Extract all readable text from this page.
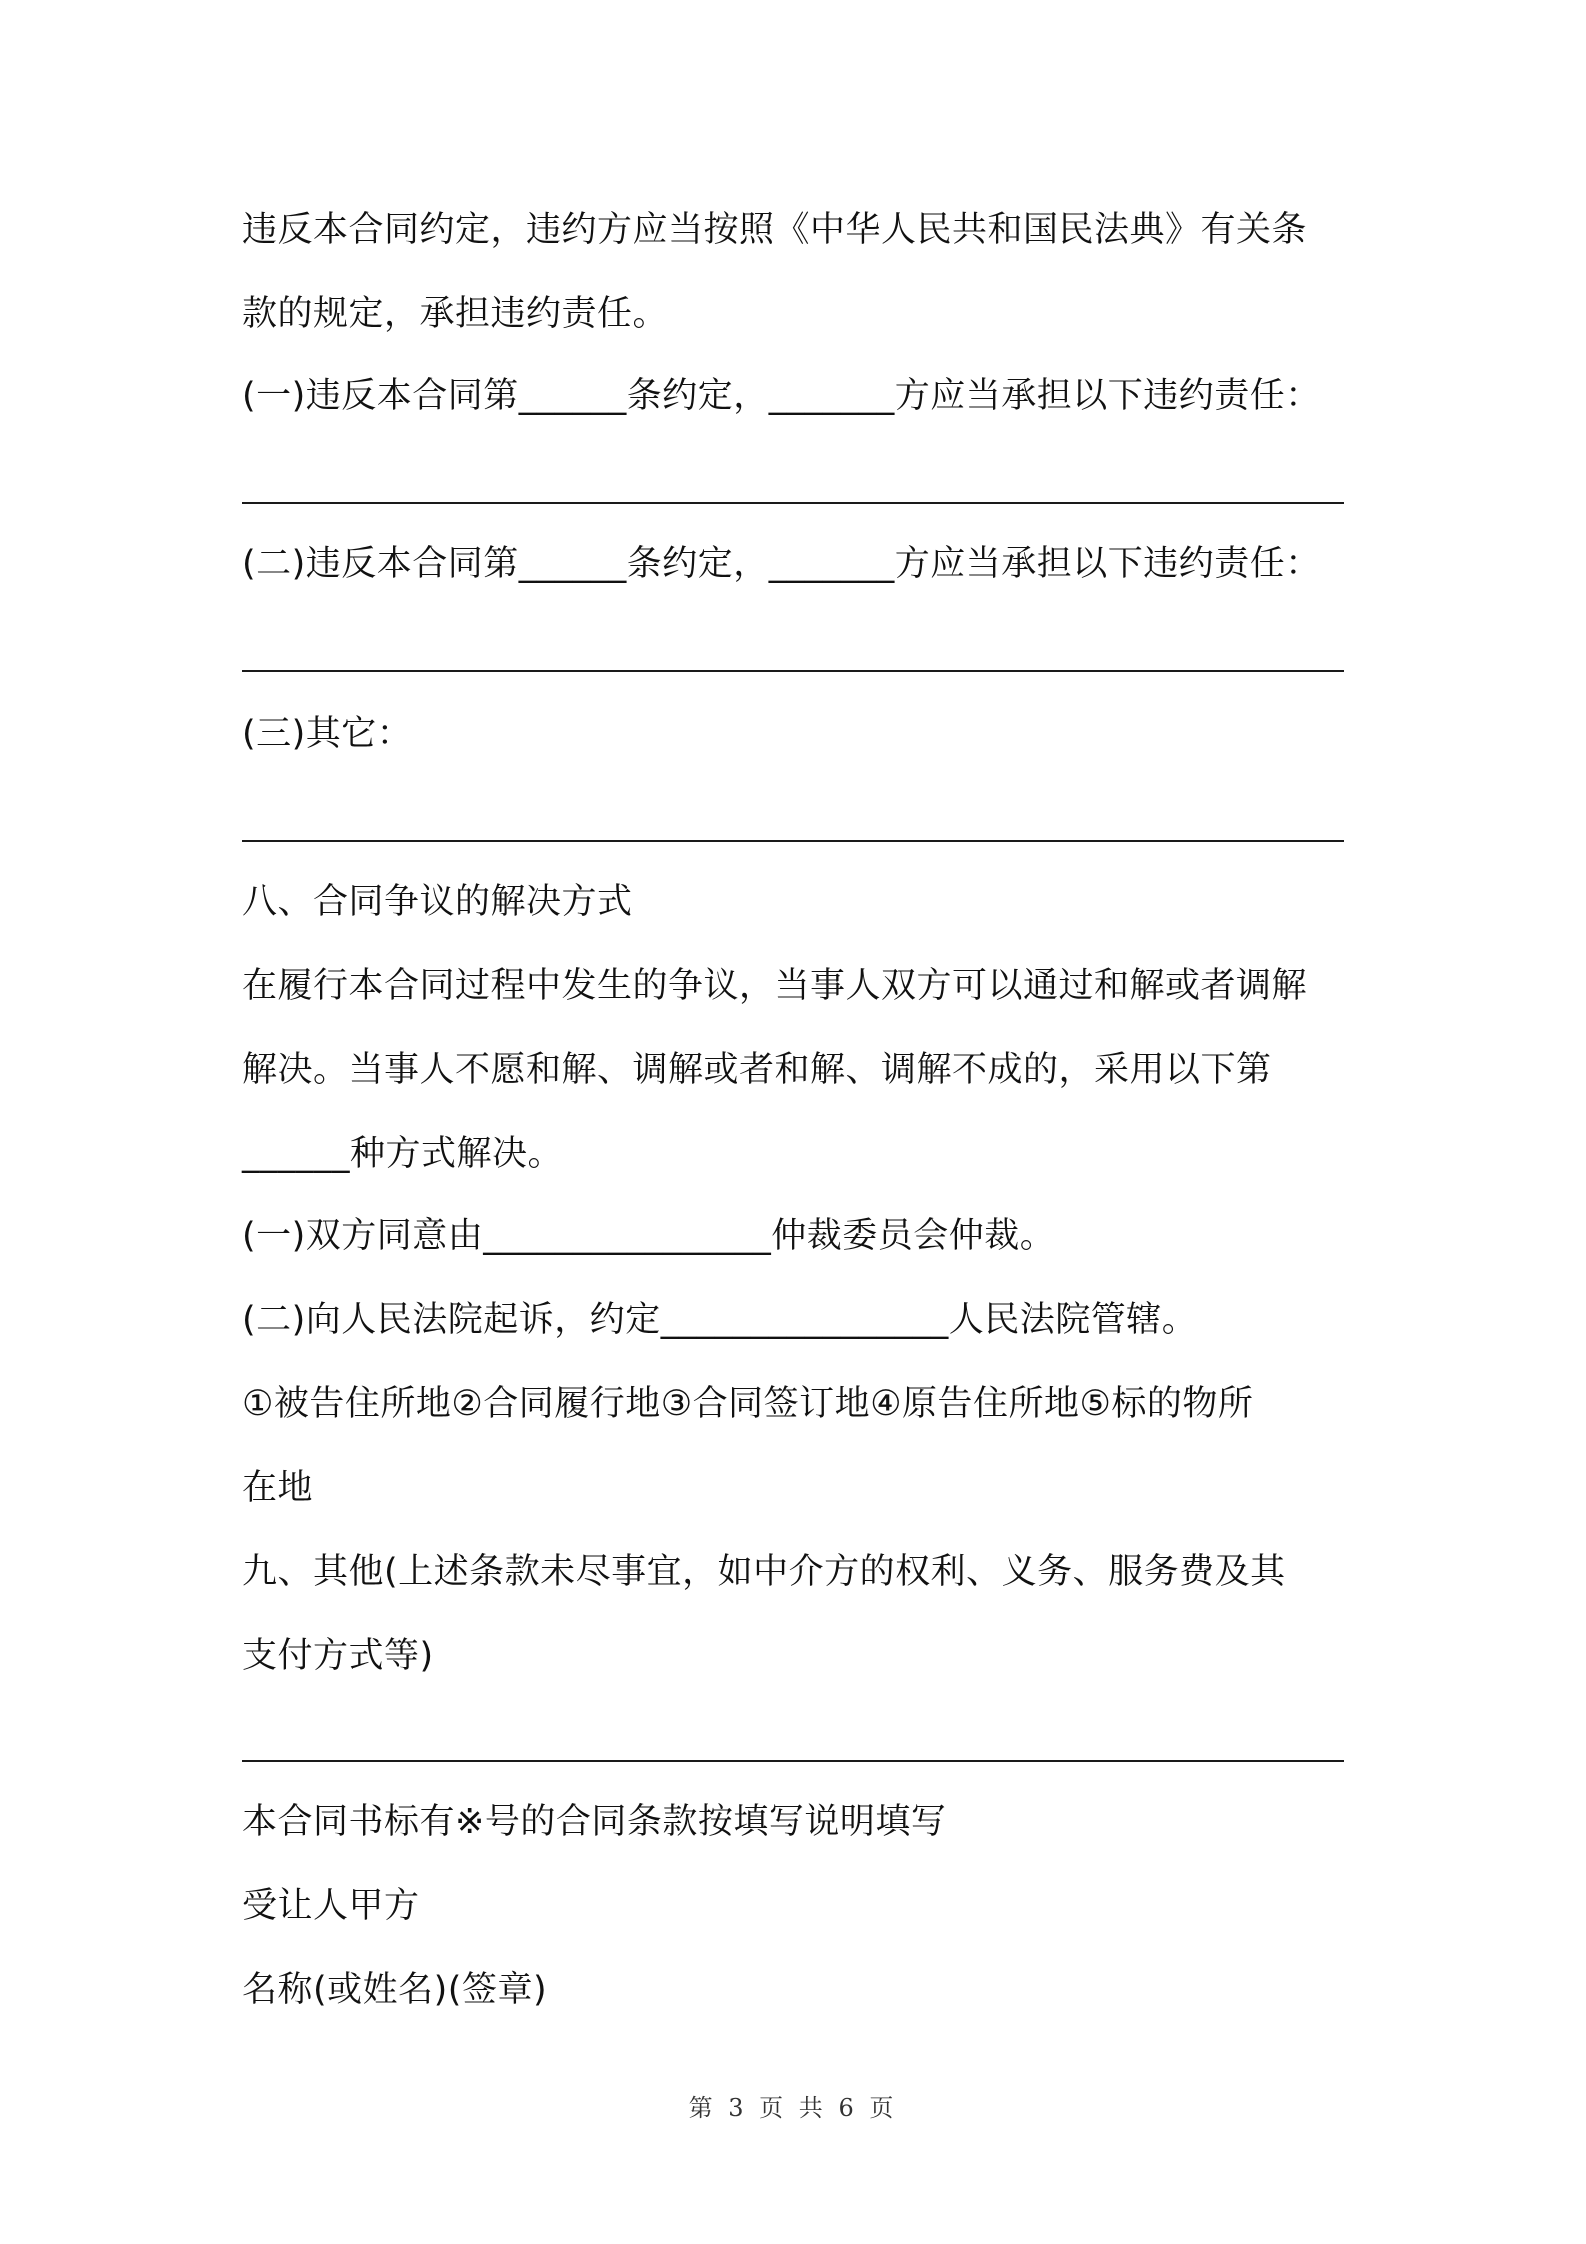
违反本合同约定，违约方应当按照《中华人民共和国民法典》有关条
款的规定，承担违约责任。
(一)违反本合同第______条约定，_______方应当承担以下违约责任：
(二)违反本合同第______条约定，_______方应当承担以下违约责任：
(三)其它：
八、合同争议的解决方式
在履行本合同过程中发生的争议，当事人双方可以通过和解或者调解
解决。当事人不愿和解、调解或者和解、调解不成的，采用以下第
______种方式解决。
(一)双方同意由________________仲裁委员会仲裁。
(二)向人民法院起诉，约定________________人民法院管辖。
①被告住所地②合同履行地③合同签订地④原告住所地⑤标的物所
在地
九、其他(上述条款未尽事宜，如中介方的权利、义务、服务费及其
支付方式等)
本合同书标有※号的合同条款按填写说明填写
受让人甲方
名称(或姓名)(签章)
第 3 页 共 6 页
